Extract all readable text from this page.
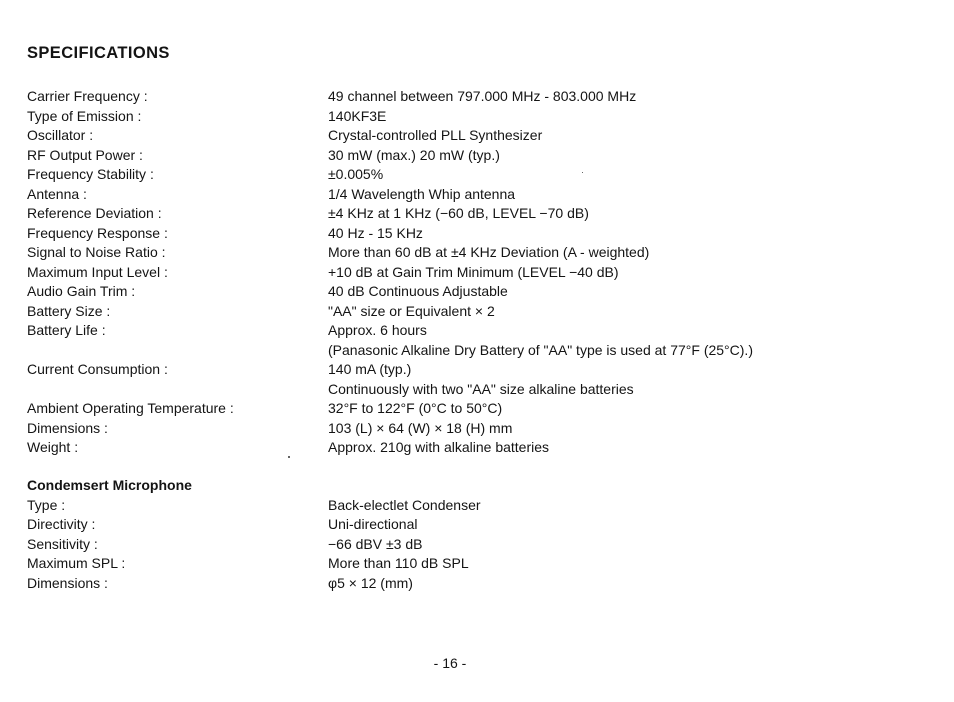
SPECIFICATIONS
Carrier Frequency :
Type of Emission :
Oscillator :
RF Output Power :
Frequency Stability :
Antenna :
Reference Deviation :
Frequency Response :
Signal to Noise Ratio :
Maximum Input Level :
Audio Gain Trim :
Battery Size :
Battery Life :
Current Consumption :
Ambient Operating Temperature :
Dimensions :
Weight :
49 channel between 797.000 MHz - 803.000 MHz
140KF3E
Crystal-controlled PLL Synthesizer
30 mW (max.) 20 mW (typ.)
±0.005%
1/4 Wavelength Whip antenna
±4 KHz at 1 KHz (−60 dB, LEVEL −70 dB)
40 Hz - 15 KHz
More than 60 dB at ±4 KHz Deviation (A - weighted)
+10 dB at Gain Trim Minimum (LEVEL −40 dB)
40 dB Continuous Adjustable
"AA" size or Equivalent × 2
Approx. 6 hours
(Panasonic Alkaline Dry Battery of "AA" type is used at 77°F (25°C).)
140 mA (typ.)
Continuously with two "AA" size alkaline batteries
32°F to 122°F (0°C to 50°C)
103 (L) × 64 (W) × 18 (H) mm
Approx. 210g with alkaline batteries
Condemsert Microphone
Type :
Directivity :
Sensitivity :
Maximum SPL :
Dimensions :
Back-electlet Condenser
Uni-directional
−66 dBV ±3 dB
More than 110 dB SPL
φ5 × 12 (mm)
- 16 -
